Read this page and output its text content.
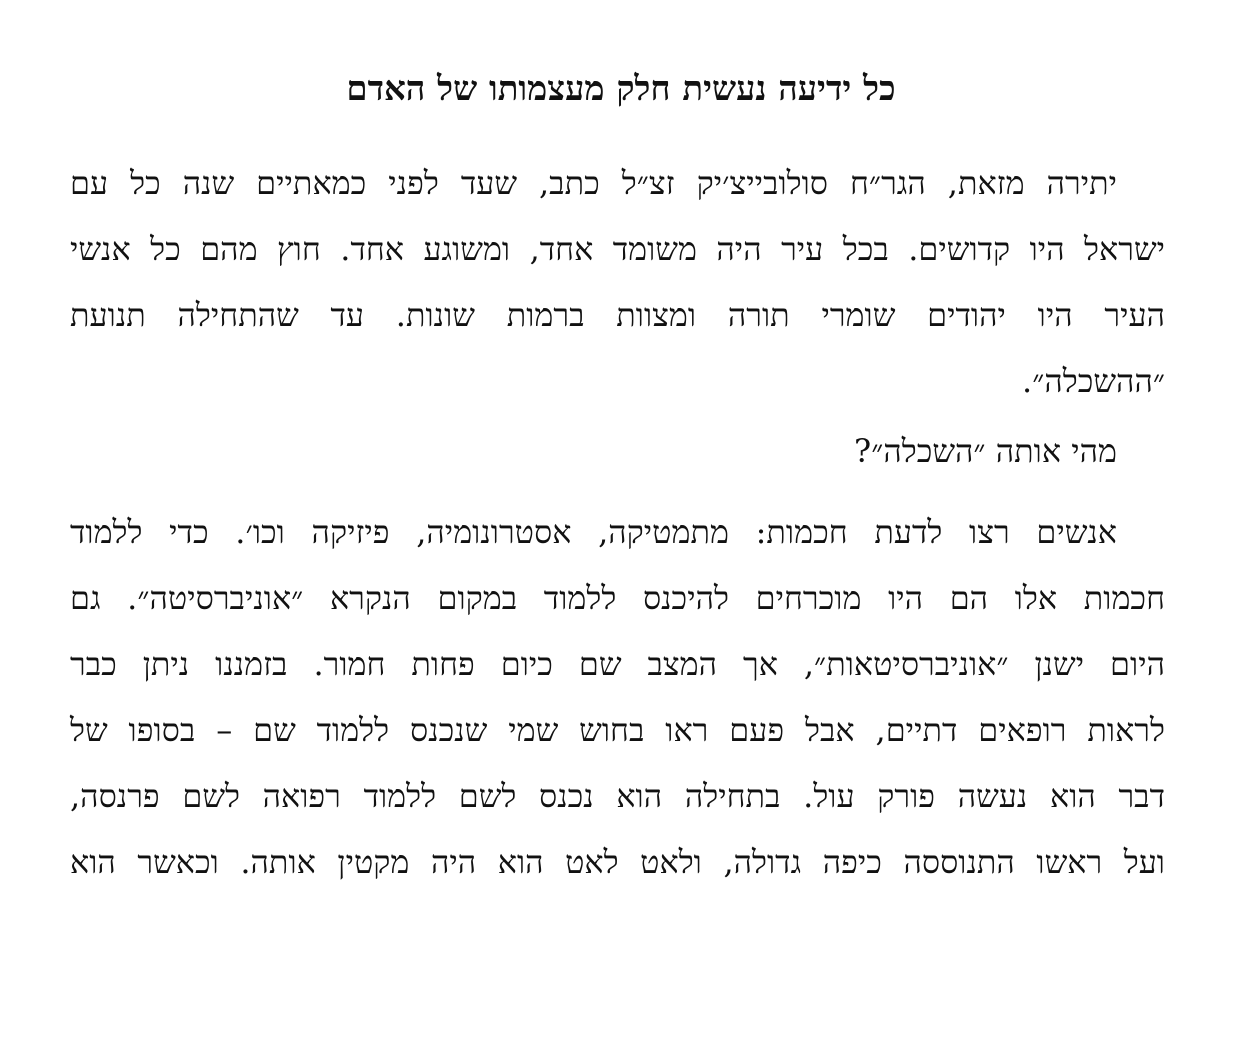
כל ידיעה נעשית חלק מעצמותו של האדם
יתירה מזאת, הגר״ח סולובייצ׳יק זצ״ל כתב, שעד לפני כמאתיים שנה כל עם
ישראל היו קדושים. בכל עיר היה משומד אחד, ומשוגע אחד. חוץ מהם כל אנשי
העיר היו יהודים שומרי תורה ומצוות ברמות שונות. עד שהתחילה תנועת
״ההשכלה״.
מהי אותה ״השכלה״?
אנשים רצו לדעת חכמות: מתמטיקה, אסטרונומיה, פיזיקה וכו׳. כדי ללמוד
חכמות אלו הם היו מוכרחים להיכנס ללמוד במקום הנקרא ״אוניברסיטה״. גם
היום ישנן ״אוניברסיטאות״, אך המצב שם כיום פחות חמור. בזמננו ניתן כבר
לראות רופאים דתיים, אבל פעם ראו בחוש שמי שנכנס ללמוד שם – בסופו של
דבר הוא נעשה פורק עול. בתחילה הוא נכנס לשם ללמוד רפואה לשם פרנסה,
ועל ראשו התנוססה כיפה גדולה, ולאט לאט הוא היה מקטין אותה. וכאשר הוא
